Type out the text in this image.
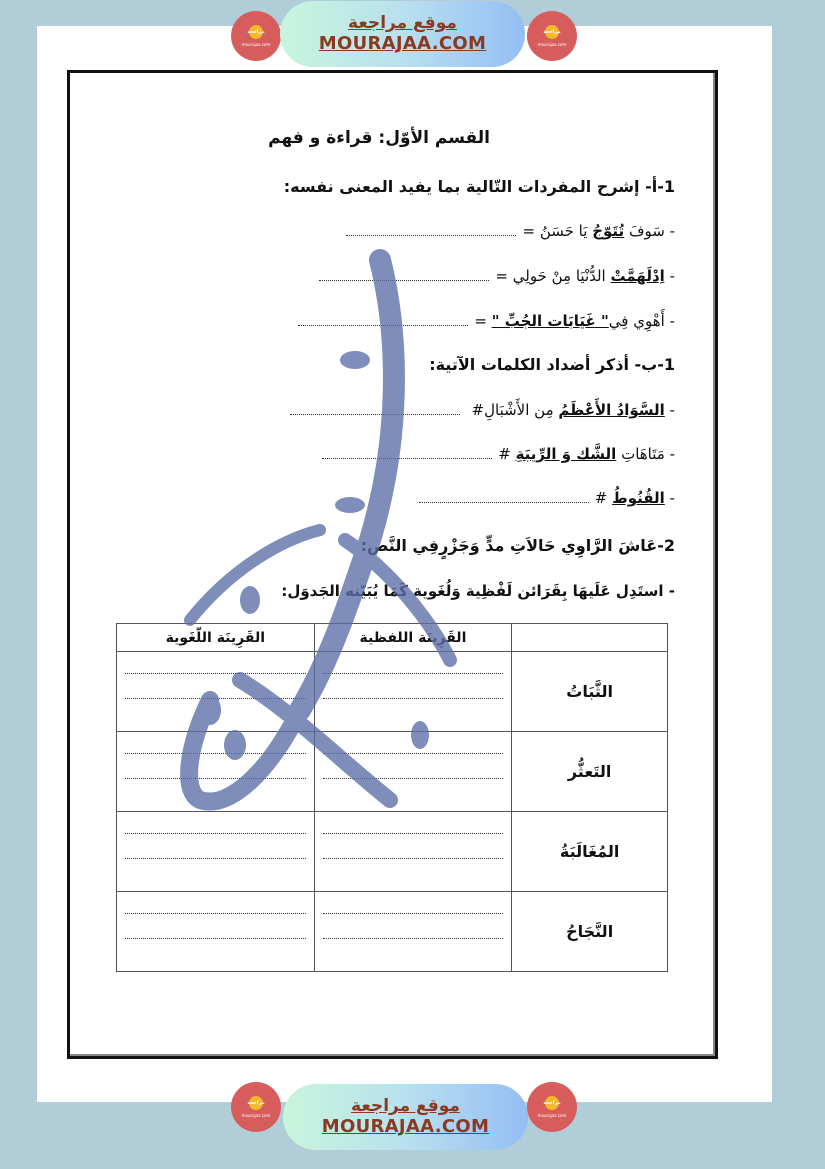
مراجعة
mourajaa.com
موقع مراجعة
MOURAJAA.COM
مراجعة
mourajaa.com
القسم الأوّل: قراءة و فهم
1-أ- إشرح المفردات التّالية بما يفيد المعنى نفسه:
- سَوفَ تُتَوّجُ يَا حَسَنُ =
- اِدْلَهَمَّتْ الدُّنْيَا مِنْ حَولِي =
- أَهْوِي فِي" غَيَابَات الجُبِّ " =
1-ب- أذكر أضداد الكلمات الآتية:
- السَّوَادُ الأَعْظَمُ مِن الأَشْبَالِ#
- مَتَاهَاتِ الشَّك وَ الرِّيبَةِ #
- القُنُوطُ #
2-عَاشَ الرَّاوِي حَالاَتِ مدٍّ وَجَزْرٍفِي النَّص:
- استَدِل عَلَيهَا بِقَرَائن لَفْظِية وَلُغَوية كَمَا يُبَيّنه الجَدوَل:
	القَرِينَة اللفظية	القَرِينَة اللّغَوية
الثَّبَاتُ	

التَعثُّر	

المُغَالَبَةُ	

النَّجَاحُ	

مراجعة
mourajaa.com	موقع مراجعة
MOURAJAA.COM
مراجعة
mourajaa.com
